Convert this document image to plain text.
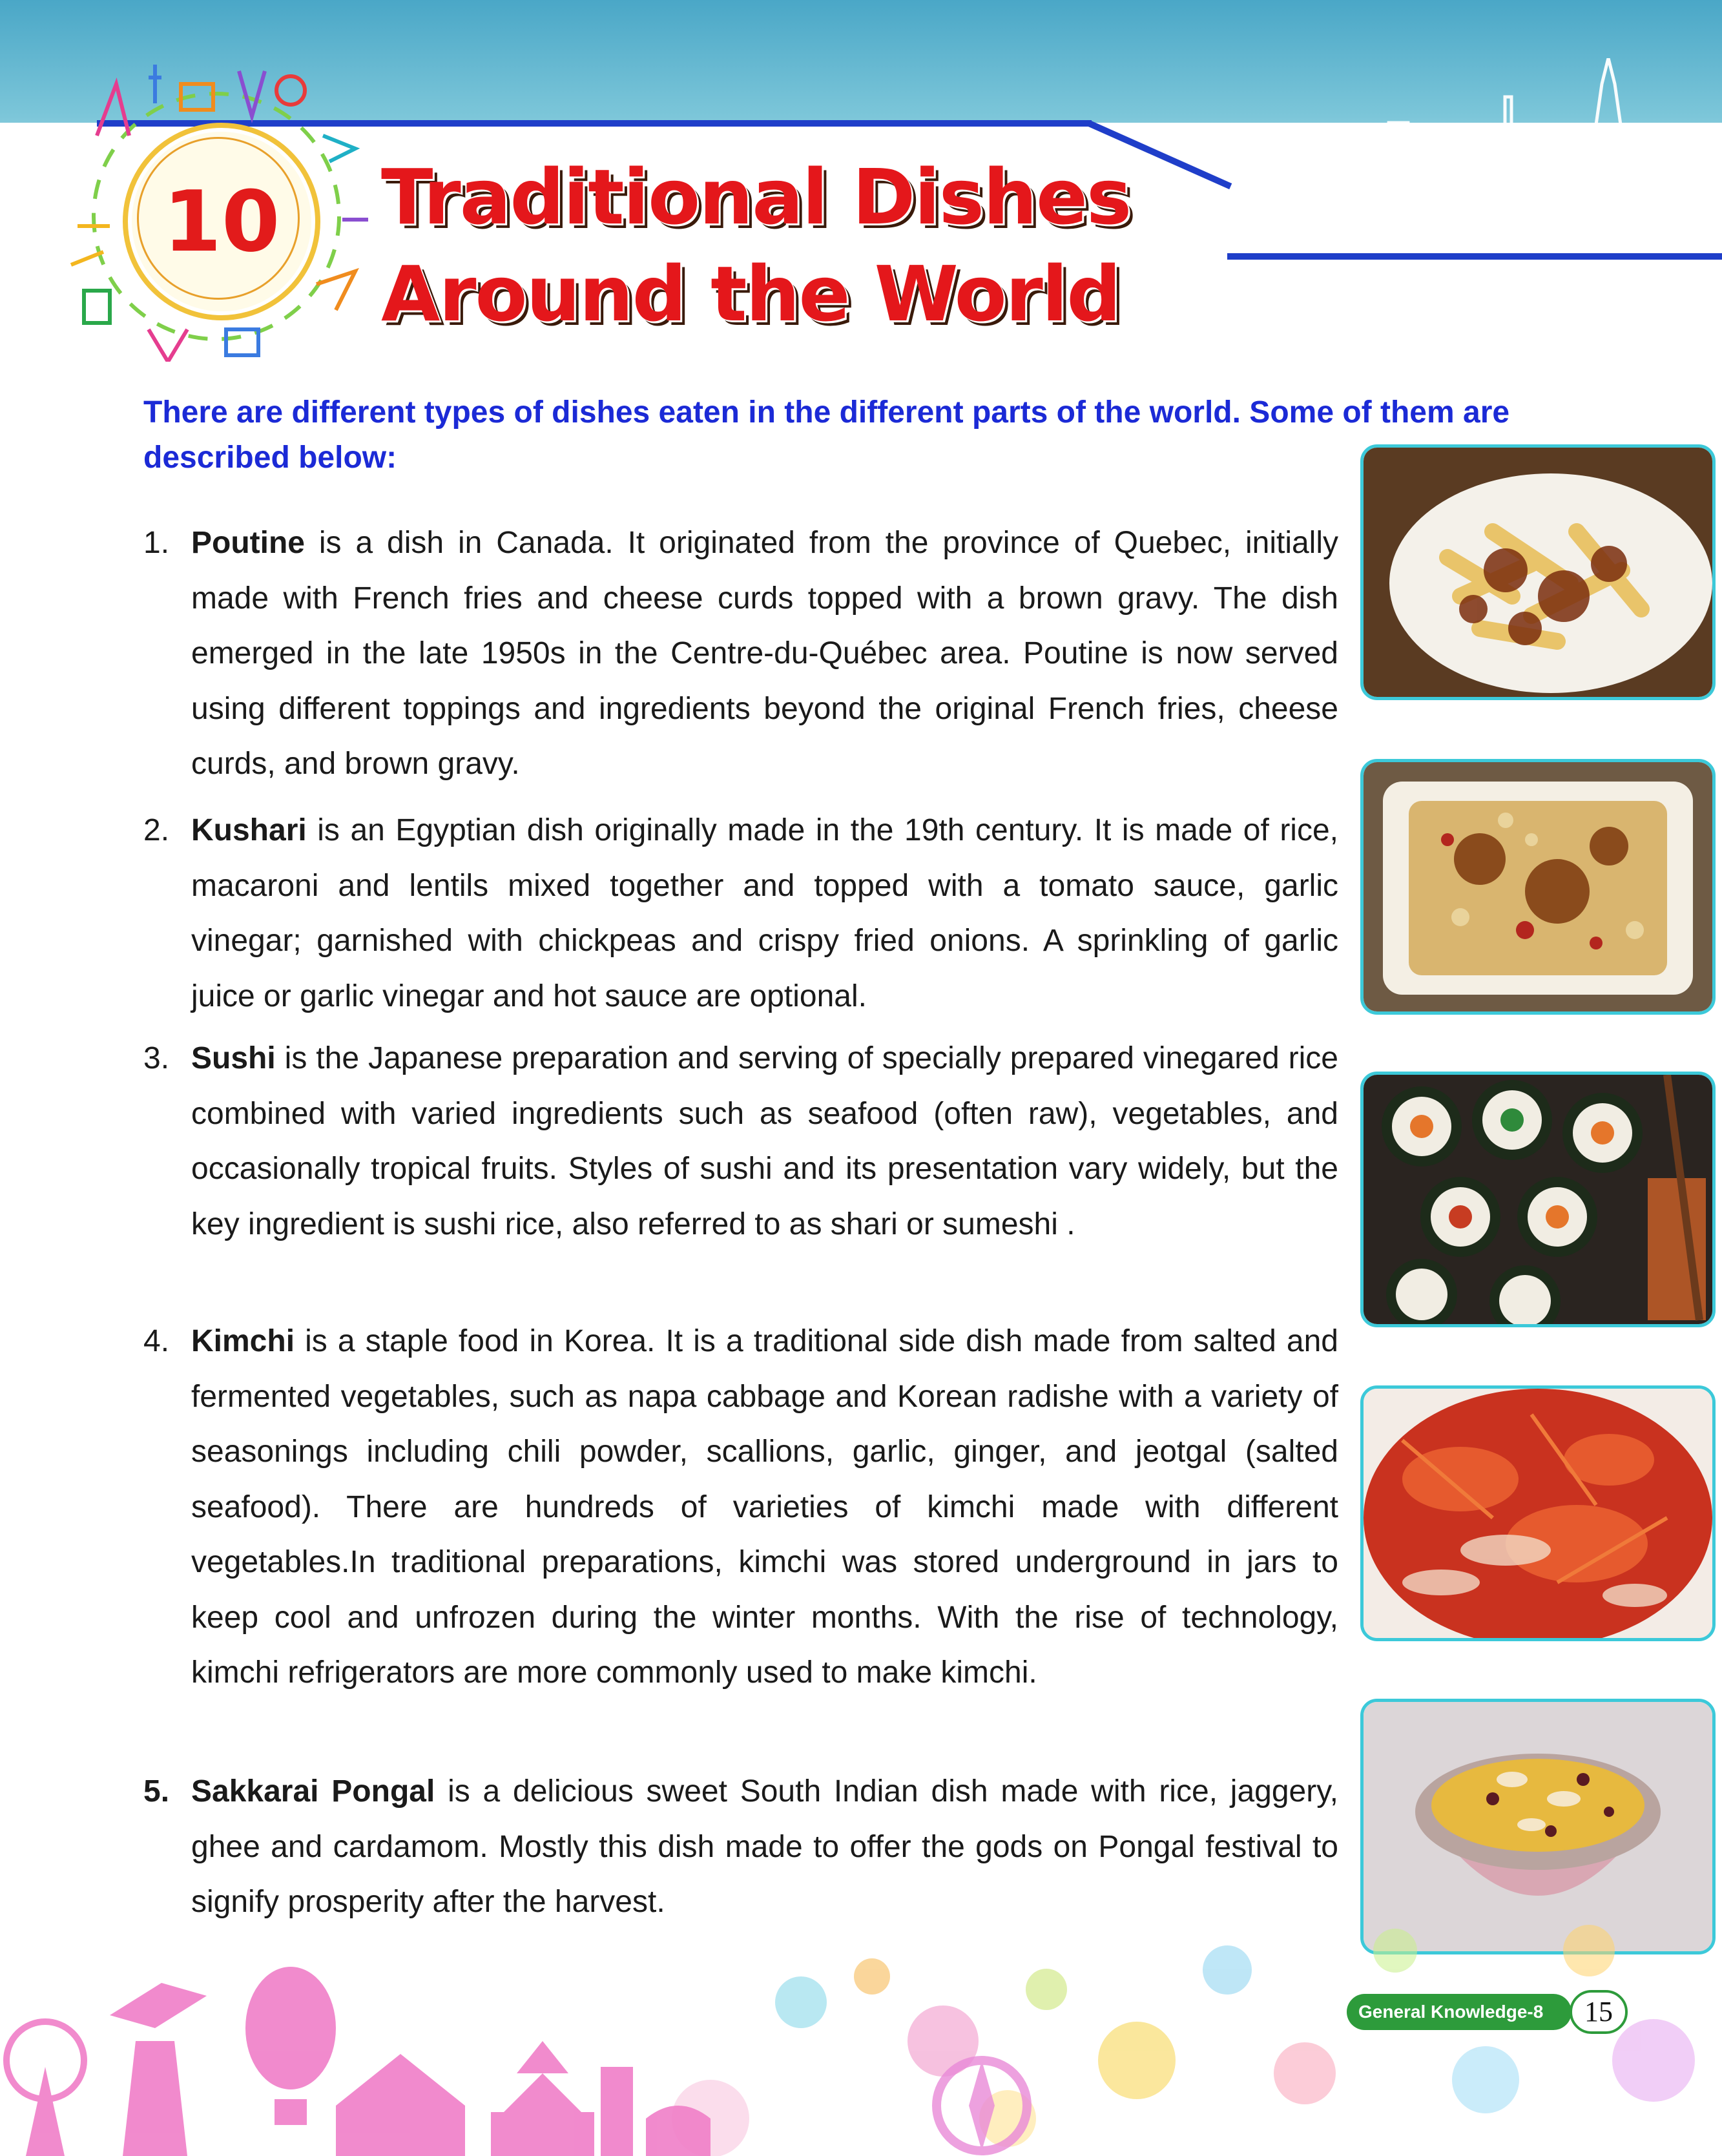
10	Traditional Dishes
Around the World

There are different types of dishes eaten in the different parts of the world. Some of them are described below:

1. Poutine is a dish in Canada. It originated from the province of Quebec, initially made with French fries and cheese curds topped with a brown gravy. The dish emerged in the late 1950s in the Centre-du-Québec area. Poutine is now served using different toppings and ingredients beyond the original French fries, cheese curds, and brown gravy.
2. Kushari is an Egyptian dish originally made in the 19th century. It is made of rice, macaroni and lentils mixed together and topped with a tomato sauce, garlic vinegar; garnished with chickpeas and crispy fried onions. A sprinkling of garlic juice or garlic vinegar and hot sauce are optional.
3. Sushi is the Japanese preparation and serving of specially prepared vinegared rice combined with varied ingredients such as seafood (often raw), vegetables, and occasionally tropical fruits. Styles of sushi and its presentation vary widely, but the key ingredient is sushi rice, also referred to as shari or sumeshi .
4. Kimchi is a staple food in Korea. It is a traditional side dish made from salted and fermented vegetables, such as napa cabbage and Korean radishe with a variety of seasonings including chili powder, scallions, garlic, ginger, and jeotgal (salted seafood). There are hundreds of varieties of kimchi made with different vegetables.In traditional preparations, kimchi was stored underground in jars to keep cool and unfrozen during the winter months. With the rise of technology, kimchi refrigerators are more commonly used to make kimchi.
5. Sakkarai Pongal is a delicious sweet South Indian dish made with rice, jaggery, ghee and cardamom. Mostly this dish made to offer the gods on Pongal festival to signify prosperity after the harvest.
General Knowledge-8	15
